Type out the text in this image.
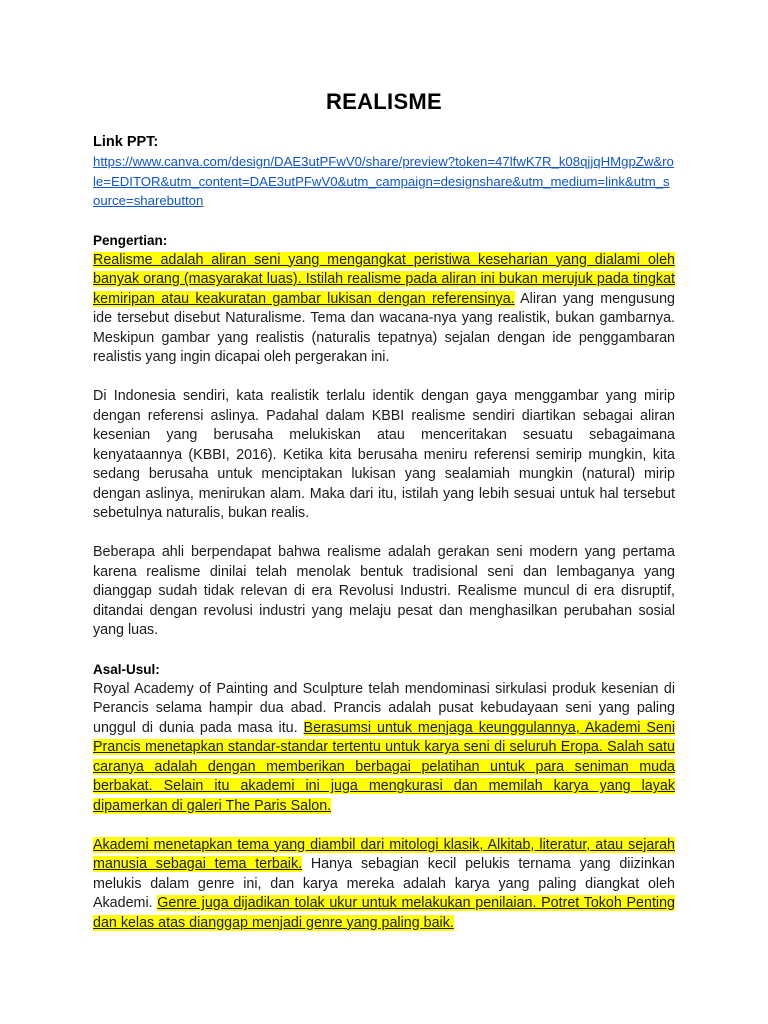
REALISME

Link PPT:

https://www.canva.com/design/DAE3utPFwV0/share/preview?token=47lfwK7R_k08qjjqHMgpZw&role=EDITOR&utm_content=DAE3utPFwV0&utm_campaign=designshare&utm_medium=link&utm_source=sharebutton

Pengertian:

Realisme adalah aliran seni yang mengangkat peristiwa keseharian yang dialami oleh banyak orang (masyarakat luas). Istilah realisme pada aliran ini bukan merujuk pada tingkat kemiripan atau keakuratan gambar lukisan dengan referensinya. Aliran yang mengusung ide tersebut disebut Naturalisme. Tema dan wacana-nya yang realistik, bukan gambarnya. Meskipun gambar yang realistis (naturalis tepatnya) sejalan dengan ide penggambaran realistis yang ingin dicapai oleh pergerakan ini.

Di Indonesia sendiri, kata realistik terlalu identik dengan gaya menggambar yang mirip dengan referensi aslinya. Padahal dalam KBBI realisme sendiri diartikan sebagai aliran kesenian yang berusaha melukiskan atau menceritakan sesuatu sebagaimana kenyataannya (KBBI, 2016). Ketika kita berusaha meniru referensi semirip mungkin, kita sedang berusaha untuk menciptakan lukisan yang sealamiah mungkin (natural) mirip dengan aslinya, menirukan alam. Maka dari itu, istilah yang lebih sesuai untuk hal tersebut sebetulnya naturalis, bukan realis.

Beberapa ahli berpendapat bahwa realisme adalah gerakan seni modern yang pertama karena realisme dinilai telah menolak bentuk tradisional seni dan lembaganya yang dianggap sudah tidak relevan di era Revolusi Industri. Realisme muncul di era disruptif, ditandai dengan revolusi industri yang melaju pesat dan menghasilkan perubahan sosial yang luas.

Asal-Usul:

Royal Academy of Painting and Sculpture telah mendominasi sirkulasi produk kesenian di Perancis selama hampir dua abad. Prancis adalah pusat kebudayaan seni yang paling unggul di dunia pada masa itu. Berasumsi untuk menjaga keunggulannya, Akademi Seni Prancis menetapkan standar-standar tertentu untuk karya seni di seluruh Eropa. Salah satu caranya adalah dengan memberikan berbagai pelatihan untuk para seniman muda berbakat. Selain itu akademi ini juga mengkurasi dan memilah karya yang layak dipamerkan di galeri The Paris Salon.

Akademi menetapkan tema yang diambil dari mitologi klasik, Alkitab, literatur, atau sejarah manusia sebagai tema terbaik. Hanya sebagian kecil pelukis ternama yang diizinkan melukis dalam genre ini, dan karya mereka adalah karya yang paling diangkat oleh Akademi. Genre juga dijadikan tolak ukur untuk melakukan penilaian. Potret Tokoh Penting dan kelas atas dianggap menjadi genre yang paling baik.
